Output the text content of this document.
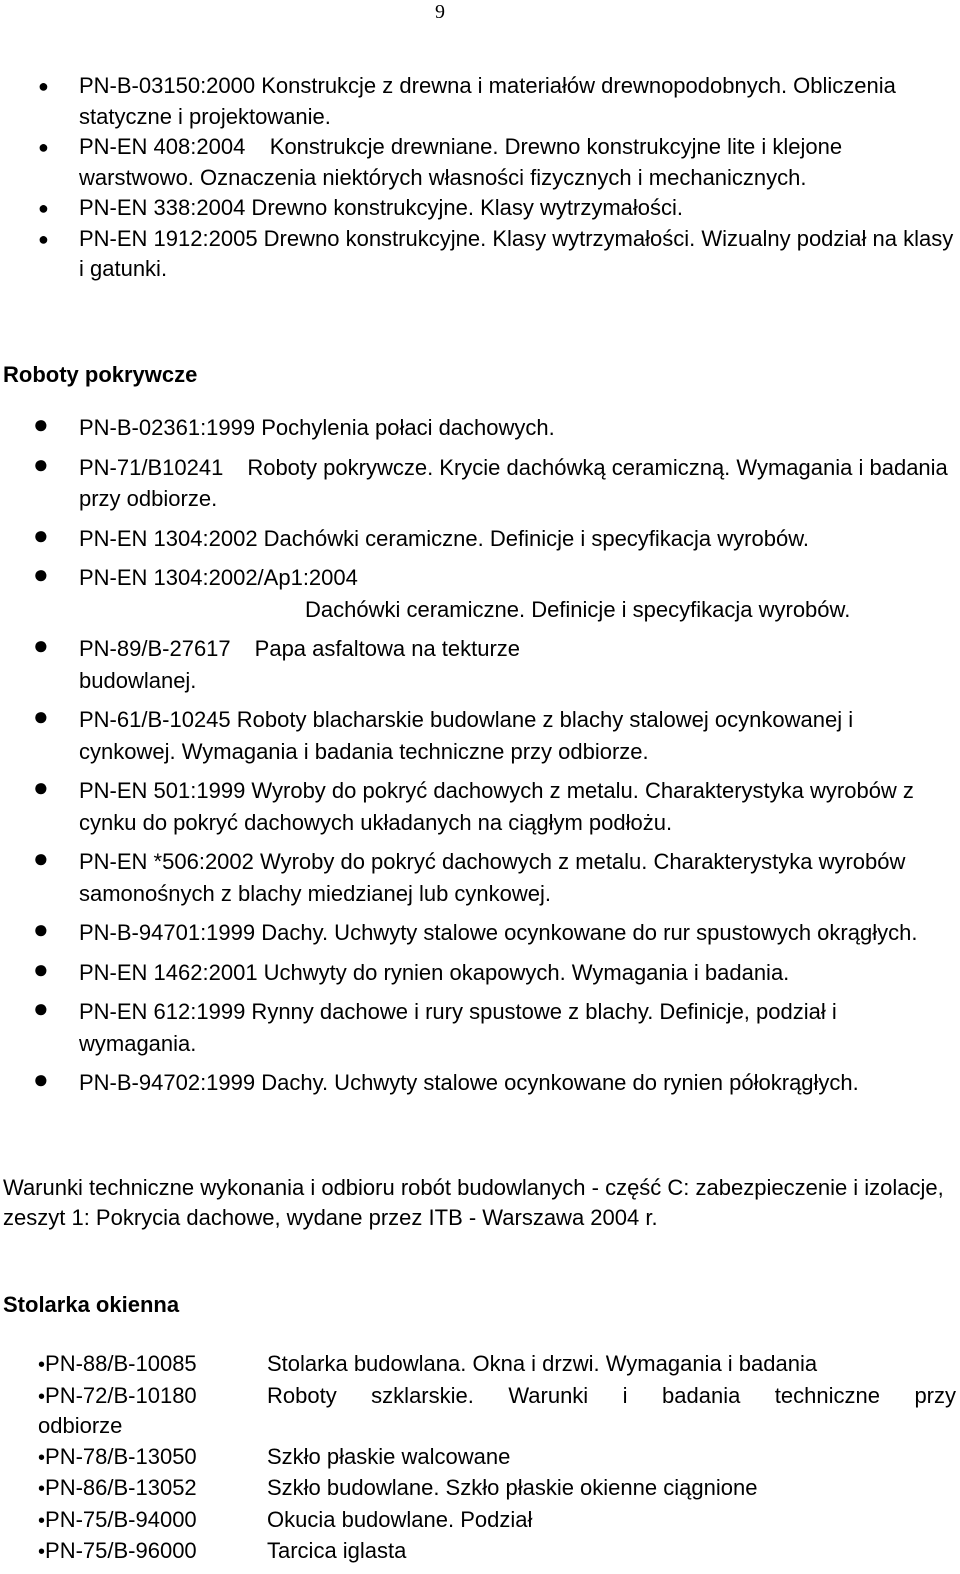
9
● PN-B-03150:2000 Konstrukcje z drewna i materiałów drewnopodobnych. Obliczenia statyczne i projektowanie.
● PN-EN 408:2004    Konstrukcje drewniane. Drewno konstrukcyjne lite i klejone warstwowo. Oznaczenia niektórych własności fizycznych i mechanicznych.
● PN-EN 338:2004 Drewno konstrukcyjne. Klasy wytrzymałości.
● PN-EN 1912:2005 Drewno konstrukcyjne. Klasy wytrzymałości. Wizualny podział na klasy i gatunki.
Roboty pokrywcze
● PN-B-02361:1999 Pochylenia połaci dachowych.
● PN-71/B10241 Roboty pokrywcze. Krycie dachówką ceramiczną. Wymagania i badania przy odbiorze.
● PN-EN 1304:2002 Dachówki ceramiczne. Definicje i specyfikacja wyrobów.
● PN-EN 1304:2002/Ap1:2004
Dachówki ceramiczne. Definicje i specyfikacja wyrobów.
● PN-89/B-27617 Papa asfaltowa na tekturze
budowlanej.
● PN-61/B-10245 Roboty blacharskie budowlane z blachy stalowej ocynkowanej i cynkowej. Wymagania i badania techniczne przy odbiorze.
● PN-EN 501:1999 Wyroby do pokryć dachowych z metalu. Charakterystyka wyrobów z cynku do pokryć dachowych układanych na ciągłym podłożu.
● PN-EN *506:2002 Wyroby do pokryć dachowych z metalu. Charakterystyka wyrobów samonośnych z blachy miedzianej lub cynkowej.
● PN-B-94701:1999 Dachy. Uchwyty stalowe ocynkowane do rur spustowych okrągłych.
● PN-EN 1462:2001 Uchwyty do rynien okapowych. Wymagania i badania.
● PN-EN 612:1999 Rynny dachowe i rury spustowe z blachy. Definicje, podział i wymagania.
● PN-B-94702:1999 Dachy. Uchwyty stalowe ocynkowane do rynien półokrągłych.

Warunki techniczne wykonania i odbioru robót budowlanych - część C: zabezpieczenie i izolacje, zeszyt 1: Pokrycia dachowe, wydane przez ITB - Warszawa 2004 r.

Stolarka okienna
•PN-88/B-10085	Stolarka budowlana. Okna i drzwi. Wymagania i badania
•PN-72/B-10180	Roboty szklarskie. Warunki i badania techniczne przy
odbiorze

•PN-78/B-13050	Szkło płaskie walcowane
•PN-86/B-13052	Szkło budowlane. Szkło płaskie okienne ciągnione
•PN-75/B-94000	Okucia budowlane. Podział
•PN-75/B-96000	Tarcica iglasta
